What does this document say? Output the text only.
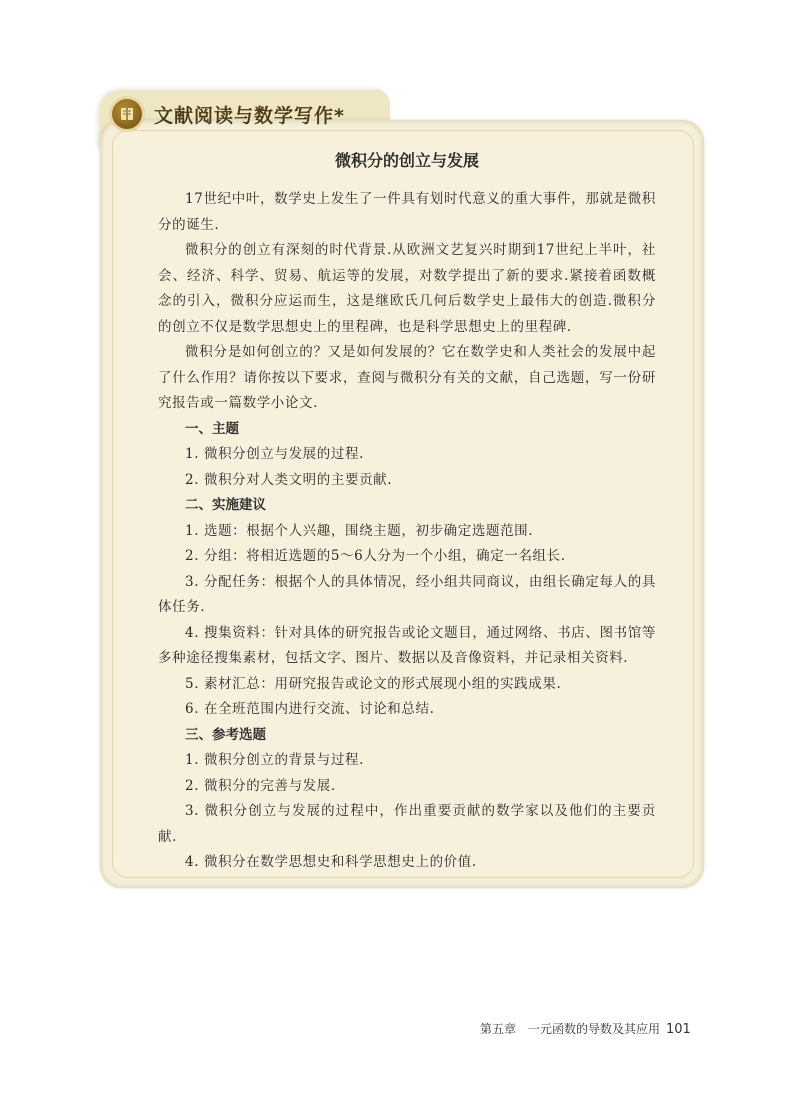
文献阅读与数学写作*
微积分的创立与发展

17世纪中叶，数学史上发生了一件具有划时代意义的重大事件，那就是微积分的诞生.

微积分的创立有深刻的时代背景.从欧洲文艺复兴时期到17世纪上半叶，社会、经济、科学、贸易、航运等的发展，对数学提出了新的要求.紧接着函数概念的引入，微积分应运而生，这是继欧氏几何后数学史上最伟大的创造.微积分的创立不仅是数学思想史上的里程碑，也是科学思想史上的里程碑.

微积分是如何创立的？又是如何发展的？它在数学史和人类社会的发展中起了什么作用？请你按以下要求，查阅与微积分有关的文献，自己选题，写一份研究报告或一篇数学小论文.

一、主题

1. 微积分创立与发展的过程.

2. 微积分对人类文明的主要贡献.

二、实施建议

1. 选题：根据个人兴趣，围绕主题，初步确定选题范围.

2. 分组：将相近选题的5～6人分为一个小组，确定一名组长.

3. 分配任务：根据个人的具体情况，经小组共同商议，由组长确定每人的具体任务.

4. 搜集资料：针对具体的研究报告或论文题目，通过网络、书店、图书馆等多种途径搜集素材，包括文字、图片、数据以及音像资料，并记录相关资料.

5. 素材汇总：用研究报告或论文的形式展现小组的实践成果.

6. 在全班范围内进行交流、讨论和总结.

三、参考选题

1. 微积分创立的背景与过程.

2. 微积分的完善与发展.

3. 微积分创立与发展的过程中，作出重要贡献的数学家以及他们的主要贡献.

4. 微积分在数学思想史和科学思想史上的价值.

第五章　一元函数的导数及其应用 101
